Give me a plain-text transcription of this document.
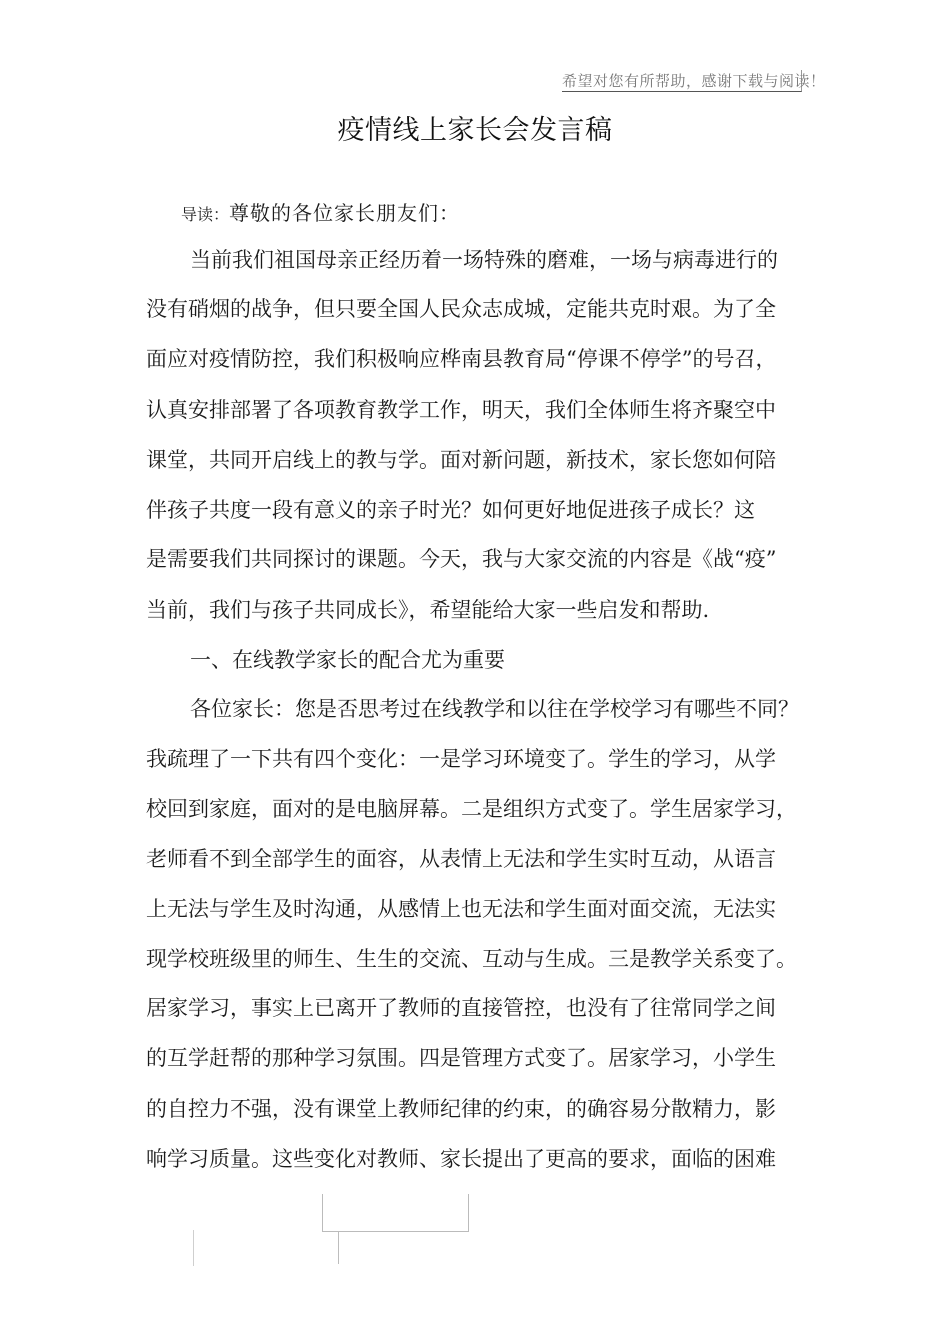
希望对您有所帮助，感谢下载与阅读！
疫情线上家长会发言稿
导读：尊敬的各位家长朋友们：
当前我们祖国母亲正经历着一场特殊的磨难，一场与病毒进行的
没有硝烟的战争，但只要全国人民众志成城，定能共克时艰。为了全
面应对疫情防控，我们积极响应桦南县教育局“停课不停学”的号召，
认真安排部署了各项教育教学工作，明天，我们全体师生将齐聚空中
课堂，共同开启线上的教与学。面对新问题，新技术，家长您如何陪
伴孩子共度一段有意义的亲子时光？如何更好地促进孩子成长？这
是需要我们共同探讨的课题。今天，我与大家交流的内容是《战“疫”
当前，我们与孩子共同成长》，希望能给大家一些启发和帮助.
一、在线教学家长的配合尤为重要
各位家长：您是否思考过在线教学和以往在学校学习有哪些不同？
我疏理了一下共有四个变化：一是学习环境变了。学生的学习，从学
校回到家庭，面对的是电脑屏幕。二是组织方式变了。学生居家学习，
老师看不到全部学生的面容，从表情上无法和学生实时互动，从语言
上无法与学生及时沟通，从感情上也无法和学生面对面交流，无法实
现学校班级里的师生、生生的交流、互动与生成。三是教学关系变了。
居家学习，事实上已离开了教师的直接管控，也没有了往常同学之间
的互学赶帮的那种学习氛围。四是管理方式变了。居家学习，小学生
的自控力不强，没有课堂上教师纪律的约束，的确容易分散精力，影
响学习质量。这些变化对教师、家长提出了更高的要求，面临的困难
